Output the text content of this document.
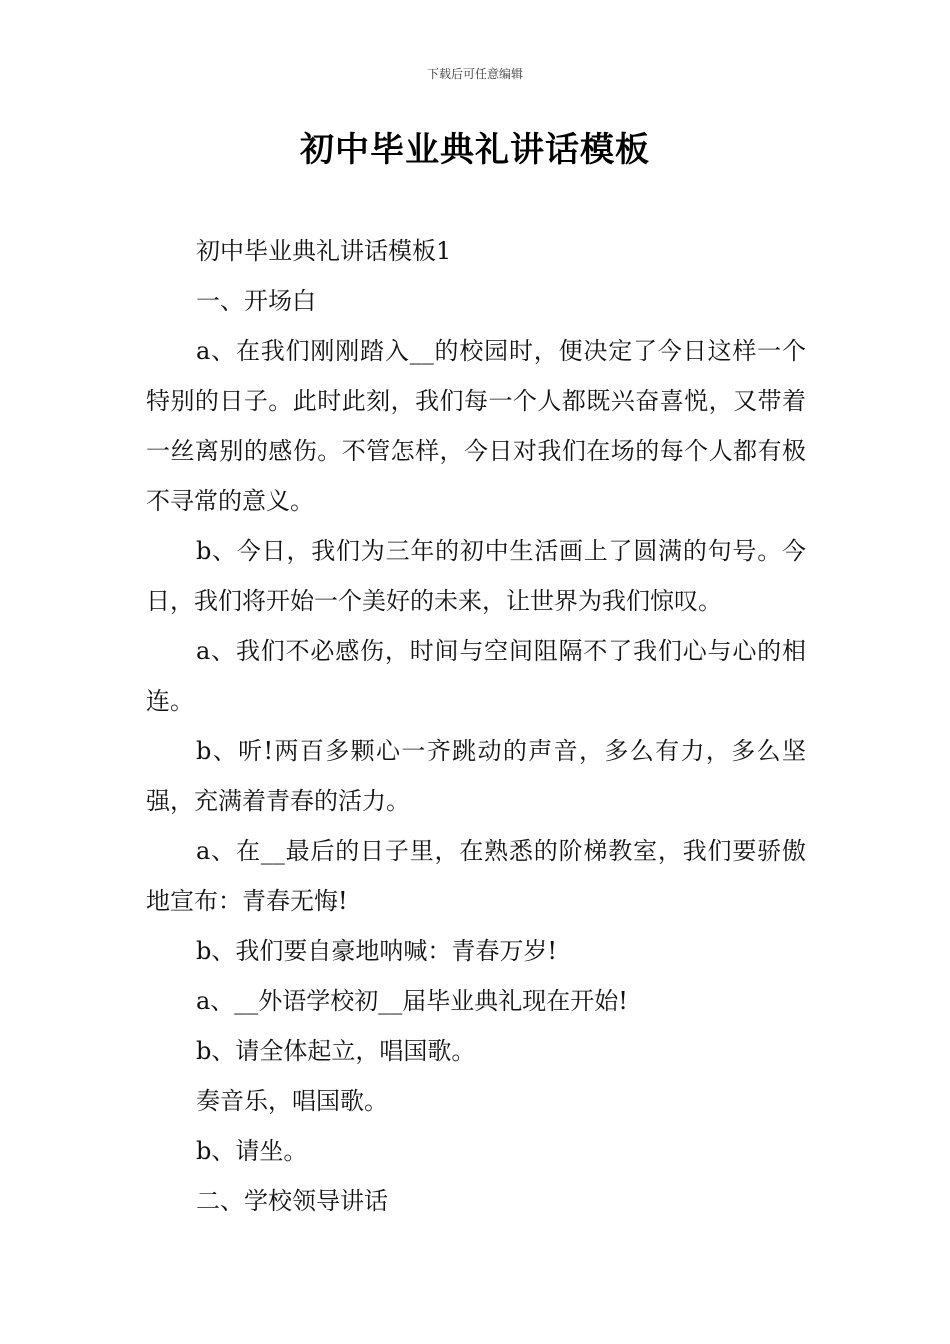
下载后可任意编辑
初中毕业典礼讲话模板

初中毕业典礼讲话模板1

一、开场白

a、在我们刚刚踏入__的校园时，便决定了今日这样一个特别的日子。此时此刻，我们每一个人都既兴奋喜悦，又带着一丝离别的感伤。不管怎样，今日对我们在场的每个人都有极不寻常的意义。

b、今日，我们为三年的初中生活画上了圆满的句号。今日，我们将开始一个美好的未来，让世界为我们惊叹。

a、我们不必感伤，时间与空间阻隔不了我们心与心的相连。

b、听!两百多颗心一齐跳动的声音，多么有力，多么坚强，充满着青春的活力。

a、在__最后的日子里，在熟悉的阶梯教室，我们要骄傲地宣布：青春无悔!

b、我们要自豪地呐喊：青春万岁!

a、__外语学校初__届毕业典礼现在开始!

b、请全体起立，唱国歌。

奏音乐，唱国歌。

b、请坐。

二、学校领导讲话
